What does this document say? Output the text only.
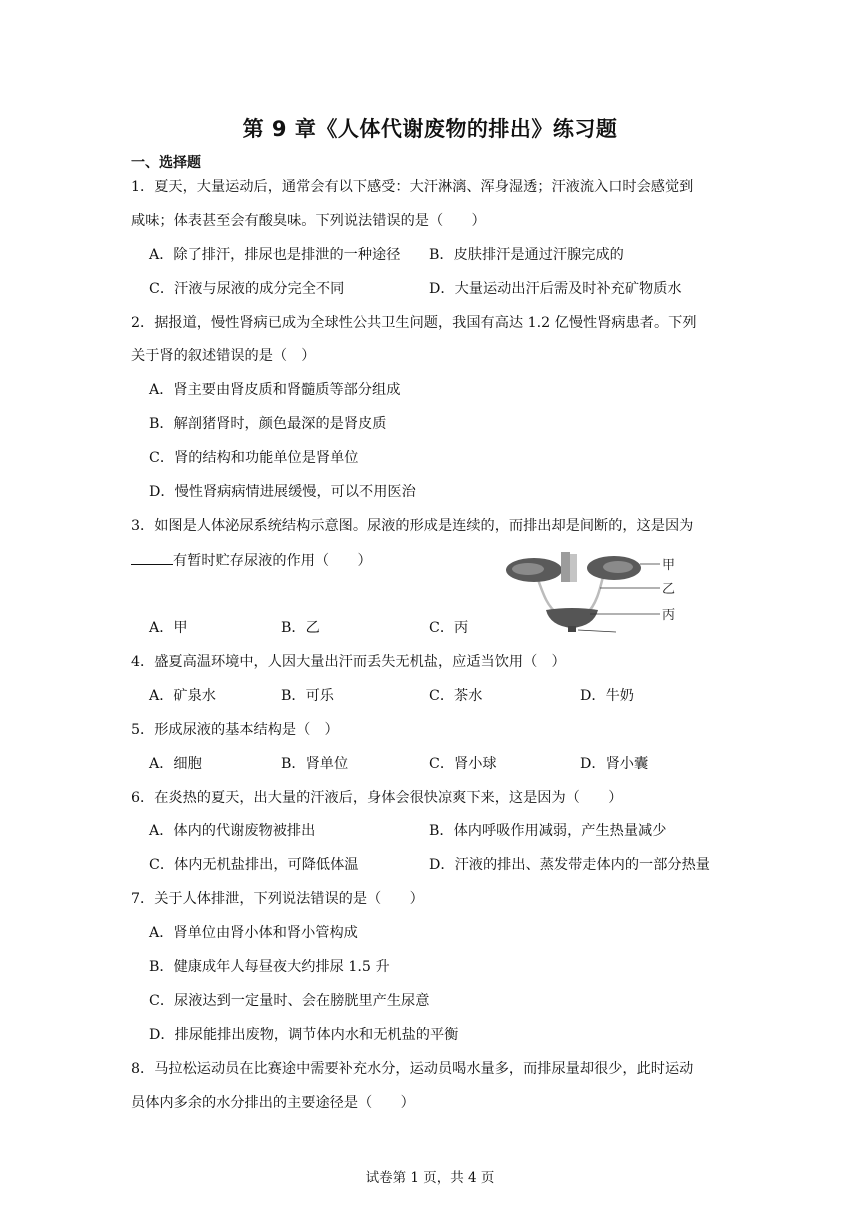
第 9 章《人体代谢废物的排出》练习题
一、选择题
1．夏天，大量运动后，通常会有以下感受：大汗淋漓、浑身湿透；汗液流入口时会感觉到
咸味；体表甚至会有酸臭味。下列说法错误的是（　　）
A．除了排汗，排尿也是排泄的一种途径 B．皮肤排汗是通过汗腺完成的
C．汗液与尿液的成分完全不同	D．大量运动出汗后需及时补充矿物质水
2．据报道，慢性肾病已成为全球性公共卫生问题，我国有高达 1.2 亿慢性肾病患者。下列
关于肾的叙述错误的是（　）
A．肾主要由肾皮质和肾髓质等部分组成
B．解剖猪肾时，颜色最深的是肾皮质
C．肾的结构和功能单位是肾单位
D．慢性肾病病情进展缓慢，可以不用医治
3．如图是人体泌尿系统结构示意图。尿液的形成是连续的，而排出却是间断的，这是因为
有暂时贮存尿液的作用（　　）
A．甲	B．乙	C．丙
甲
乙
丙
4．盛夏高温环境中，人因大量出汗而丢失无机盐，应适当饮用（　）
A．矿泉水	B．可乐	C．茶水	D．牛奶
5．形成尿液的基本结构是（　）
A．细胞	B．肾单位	C．肾小球	D．肾小囊
6．在炎热的夏天，出大量的汗液后，身体会很快凉爽下来，这是因为（　　）
A．体内的代谢废物被排出	B．体内呼吸作用减弱，产生热量减少
C．体内无机盐排出，可降低体温	D．汗液的排出、蒸发带走体内的一部分热量
7．关于人体排泄，下列说法错误的是（　　）
A．肾单位由肾小体和肾小管构成
B．健康成年人每昼夜大约排尿 1.5 升
C．尿液达到一定量时、会在膀胱里产生尿意
D．排尿能排出废物，调节体内水和无机盐的平衡
8．马拉松运动员在比赛途中需要补充水分，运动员喝水量多，而排尿量却很少，此时运动
员体内多余的水分排出的主要途径是（　　）
试卷第 1 页，共 4 页
